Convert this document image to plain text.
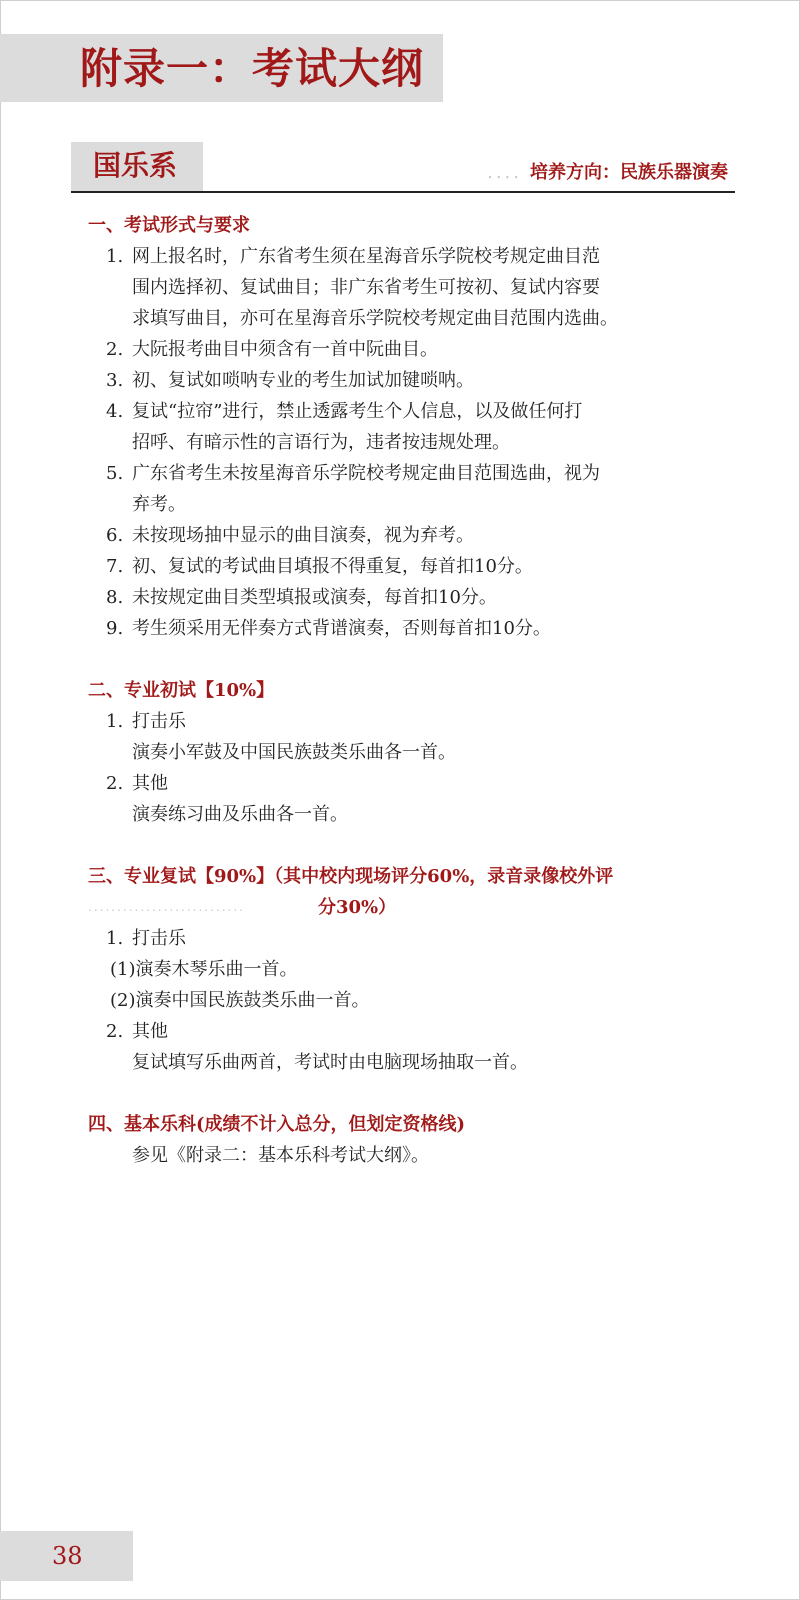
附录一：考试大纲
国乐系	.... 培养方向：民族乐器演奏

一、考试形式与要求

1. 网上报名时，广东省考生须在星海音乐学院校考规定曲目范

围内选择初、复试曲目；非广东省考生可按初、复试内容要

求填写曲目，亦可在星海音乐学院校考规定曲目范围内选曲。

2. 大阮报考曲目中须含有一首中阮曲目。

3. 初、复试如唢呐专业的考生加试加键唢呐。

4. 复试“拉帘”进行，禁止透露考生个人信息，以及做任何打

招呼、有暗示性的言语行为，违者按违规处理。

5. 广东省考生未按星海音乐学院校考规定曲目范围选曲，视为

弃考。

6. 未按现场抽中显示的曲目演奏，视为弃考。

7. 初、复试的考试曲目填报不得重复，每首扣10分。

8. 未按规定曲目类型填报或演奏，每首扣10分。

9. 考生须采用无伴奏方式背谱演奏，否则每首扣10分。

二、专业初试【10%】

1. 打击乐

演奏小军鼓及中国民族鼓类乐曲各一首。

2. 其他

演奏练习曲及乐曲各一首。

三、专业复试【90%】（其中校内现场评分60%，录音录像校外评

...........................	分30%）

1. 打击乐

(1)演奏木琴乐曲一首。

(2)演奏中国民族鼓类乐曲一首。

2. 其他

复试填写乐曲两首，考试时由电脑现场抽取一首。

四、基本乐科(成绩不计入总分，但划定资格线)

参见《附录二：基本乐科考试大纲》。

38
